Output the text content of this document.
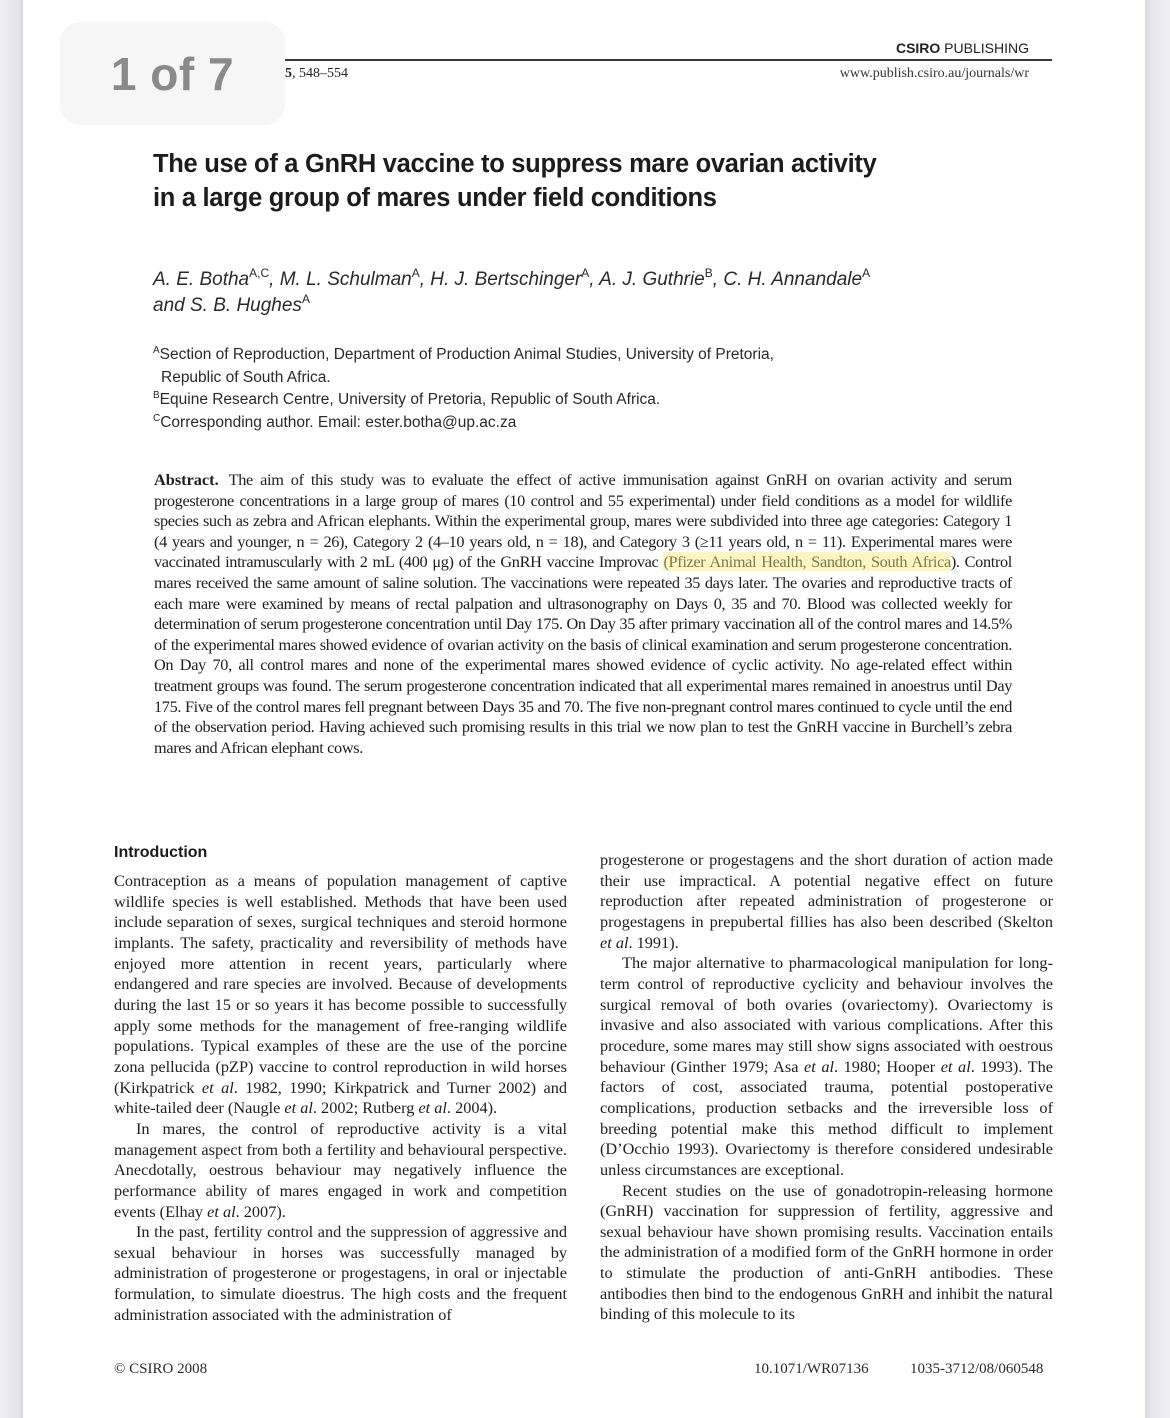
5, 548–554
CSIRO PUBLISHING
www.publish.csiro.au/journals/wr
The use of a GnRH vaccine to suppress mare ovarian activity
in a large group of mares under field conditions
A. E. Botha$^{A,C}$, M. L. Schulman$^A$, H. J. Bertschinger$^A$, A. J. Guthrie$^B$, C. H. Annandale$^A$
and S. B. Hughes$^A$
$^A$Section of Reproduction, Department of Production Animal Studies, University of Pretoria,
Republic of South Africa.
$^B$Equine Research Centre, University of Pretoria, Republic of South Africa.
$^C$Corresponding author. Email: ester.botha@up.ac.za
Abstract. The aim of this study was to evaluate the effect of active immunisation against GnRH on ovarian activity and serum progesterone concentrations in a large group of mares (10 control and 55 experimental) under field conditions as a model for wildlife species such as zebra and African elephants. Within the experimental group, mares were subdivided into three age categories: Category 1 (4 years and younger, n = 26), Category 2 (4–10 years old, n = 18), and Category 3 (≥11 years old, n = 11). Experimental mares were vaccinated intramuscularly with 2 mL (400 μg) of the GnRH vaccine Improvac (Pfizer Animal Health, Sandton, South Africa). Control mares received the same amount of saline solution. The vaccinations were repeated 35 days later. The ovaries and reproductive tracts of each mare were examined by means of rectal palpation and ultrasonography on Days 0, 35 and 70. Blood was collected weekly for determination of serum progesterone concentration until Day 175. On Day 35 after primary vaccination all of the control mares and 14.5% of the experimental mares showed evidence of ovarian activity on the basis of clinical examination and serum progesterone concentration. On Day 70, all control mares and none of the experimental mares showed evidence of cyclic activity. No age-related effect within treatment groups was found. The serum progesterone concentration indicated that all experimental mares remained in anoestrus until Day 175. Five of the control mares fell pregnant between Days 35 and 70. The five non-pregnant control mares continued to cycle until the end of the observation period. Having achieved such promising results in this trial we now plan to test the GnRH vaccine in Burchell’s zebra mares and African elephant cows.
Introduction

Contraception as a means of population management of captive wildlife species is well established. Methods that have been used include separation of sexes, surgical techniques and steroid hormone implants. The safety, practicality and reversibility of methods have enjoyed more attention in recent years, particularly where endangered and rare species are involved. Because of developments during the last 15 or so years it has become possible to successfully apply some methods for the management of free-ranging wildlife populations. Typical examples of these are the use of the porcine zona pellucida (pZP) vaccine to control reproduction in wild horses (Kirkpatrick et al. 1982, 1990; Kirkpatrick and Turner 2002) and white-tailed deer (Naugle et al. 2002; Rutberg et al. 2004).

In mares, the control of reproductive activity is a vital management aspect from both a fertility and behavioural perspective. Anecdotally, oestrous behaviour may negatively influence the performance ability of mares engaged in work and competition events (Elhay et al. 2007).

In the past, fertility control and the suppression of aggressive and sexual behaviour in horses was successfully managed by administration of progesterone or progestagens, in oral or injectable formulation, to simulate dioestrus. The high costs and the frequent administration associated with the administration of

progesterone or progestagens and the short duration of action made their use impractical. A potential negative effect on future reproduction after repeated administration of progesterone or progestagens in prepubertal fillies has also been described (Skelton et al. 1991).

The major alternative to pharmacological manipulation for long-term control of reproductive cyclicity and behaviour involves the surgical removal of both ovaries (ovariectomy). Ovariectomy is invasive and also associated with various complications. After this procedure, some mares may still show signs associated with oestrous behaviour (Ginther 1979; Asa et al. 1980; Hooper et al. 1993). The factors of cost, associated trauma, potential postoperative complications, production setbacks and the irreversible loss of breeding potential make this method difficult to implement (D’Occhio 1993). Ovariectomy is therefore considered undesirable unless circumstances are exceptional.

Recent studies on the use of gonadotropin-releasing hormone (GnRH) vaccination for suppression of fertility, aggressive and sexual behaviour have shown promising results. Vaccination entails the administration of a modified form of the GnRH hormone in order to stimulate the production of anti-GnRH antibodies. These antibodies then bind to the endogenous GnRH and inhibit the natural binding of this molecule to its

© CSIRO 2008	10.1071/WR07136	1035-3712/08/060548
1 of 7
